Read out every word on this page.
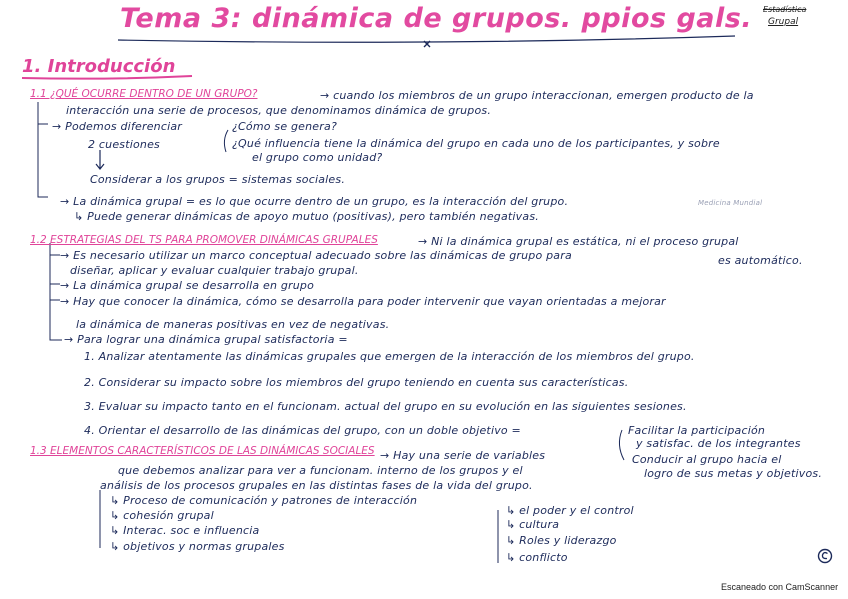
Tema 3: dinámica de grupos. ppios gals. Estadística
Grupal
1. Introducción
1.1 ¿QUÉ OCURRE DENTRO DE UN GRUPO?	→ cuando los miembros de un grupo interaccionan, emergen producto de la
interacción una serie de procesos, que denominamos dinámica de grupos.
→ Podemos diferenciar	¿Cómo se genera?
2 cuestiones	¿Qué influencia tiene la dinámica del grupo en cada uno de los participantes, y sobre
el grupo como unidad?
Considerar a los grupos = sistemas sociales.
→ La dinámica grupal = es lo que ocurre dentro de un grupo, es la interacción del grupo.	Medicina Mundial
↳ Puede generar dinámicas de apoyo mutuo (positivas), pero también negativas.
1.2 ESTRATEGIAS DEL TS PARA PROMOVER DINÁMICAS GRUPALES	→ Ni la dinámica grupal es estática, ni el proceso grupal
→ Es necesario utilizar un marco conceptual adecuado sobre las dinámicas de grupo para	es automático.
diseñar, aplicar y evaluar cualquier trabajo grupal.
→ La dinámica grupal se desarrolla en grupo
→ Hay que conocer la dinámica, cómo se desarrolla para poder intervenir que vayan orientadas a mejorar
la dinámica de maneras positivas en vez de negativas.
→ Para lograr una dinámica grupal satisfactoria =
1. Analizar atentamente las dinámicas grupales que emergen de la interacción de los miembros del grupo.
2. Considerar su impacto sobre los miembros del grupo teniendo en cuenta sus características.
3. Evaluar su impacto tanto en el funcionam. actual del grupo en su evolución en las siguientes sesiones.
4. Orientar el desarrollo de las dinámicas del grupo, con un doble objetivo =	Facilitar la participación
y satisfac. de los integrantes
Conducir al grupo hacia el
logro de sus metas y objetivos.
1.3 ELEMENTOS CARACTERÍSTICOS DE LAS DINÁMICAS SOCIALES → Hay una serie de variables
que debemos analizar para ver a funcionam. interno de los grupos y el
análisis de los procesos grupales en las distintas fases de la vida del grupo.
↳ Proceso de comunicación y patrones de interacción
↳ cohesión grupal
↳ Interac. soc e influencia
↳ objetivos y normas grupales
↳ el poder y el control
↳ cultura
↳ Roles y liderazgo
↳ conflicto
Escaneado con CamScanner
